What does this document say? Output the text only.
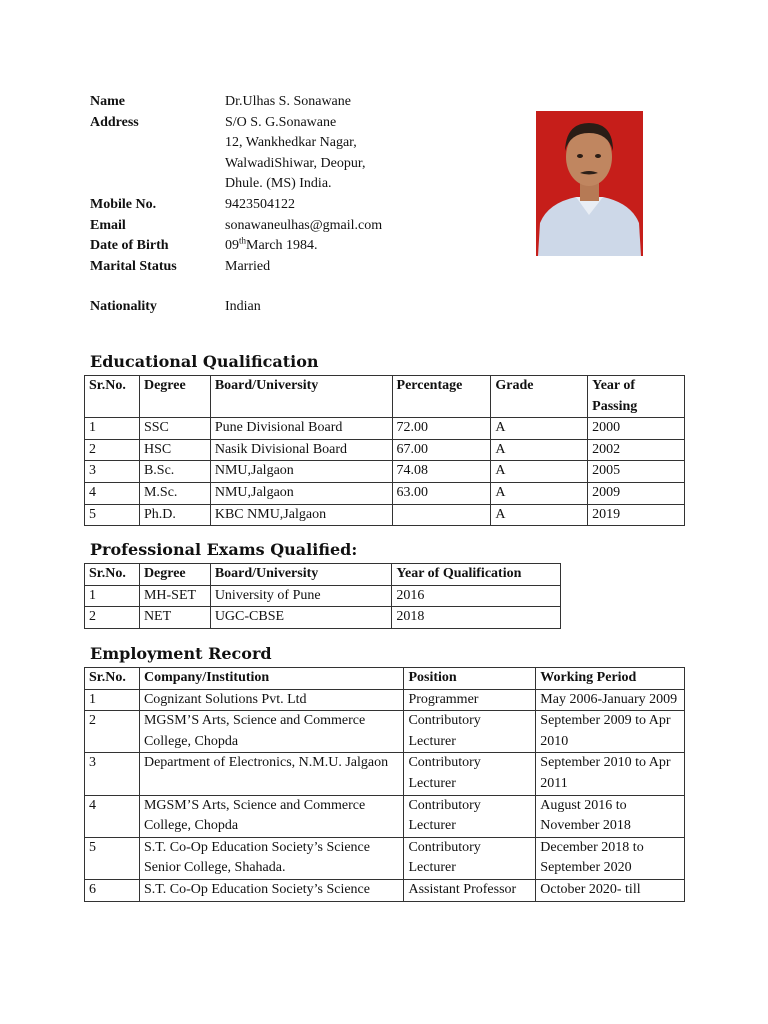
Name	Dr.Ulhas S. Sonawane
Address	S/O S. G.Sonawane
12, Wankhedkar Nagar,
WalwadiShiwar, Deopur,
Dhule. (MS) India.
Mobile No.	9423504122
Email	sonawaneulhas@gmail.com
Date of Birth	09thMarch 1984.
Marital Status	Married
Nationality	Indian
Educational Qualification
Sr.No.	Degree	Board/University	Percentage	Grade	Year of Passing
1	SSC	Pune Divisional Board	72.00	A	2000
2	HSC	Nasik Divisional Board	67.00	A	2002
3	B.Sc.	NMU,Jalgaon	74.08	A	2005
4	M.Sc.	NMU,Jalgaon	63.00	A	2009
5	Ph.D.	KBC NMU,Jalgaon		A	2019
Professional Exams Qualified:
Sr.No.	Degree	Board/University	Year of Qualification
1	MH-SET	University of Pune	2016
2	NET	UGC-CBSE	2018
Employment Record
Sr.No.	Company/Institution	Position	Working Period
1	Cognizant Solutions Pvt. Ltd	Programmer	May 2006-January 2009
2	MGSM’S Arts, Science and Commerce College, Chopda	Contributory Lecturer	September 2009 to Apr 2010
3	Department of Electronics, N.M.U. Jalgaon	Contributory Lecturer	September 2010 to Apr 2011
4	MGSM’S Arts, Science and Commerce College, Chopda	Contributory Lecturer	August 2016 to November 2018
5	S.T. Co-Op Education Society’s Science Senior College, Shahada.	Contributory Lecturer	December 2018 to September 2020
6	S.T. Co-Op Education Society’s Science	Assistant Professor	October 2020- till
